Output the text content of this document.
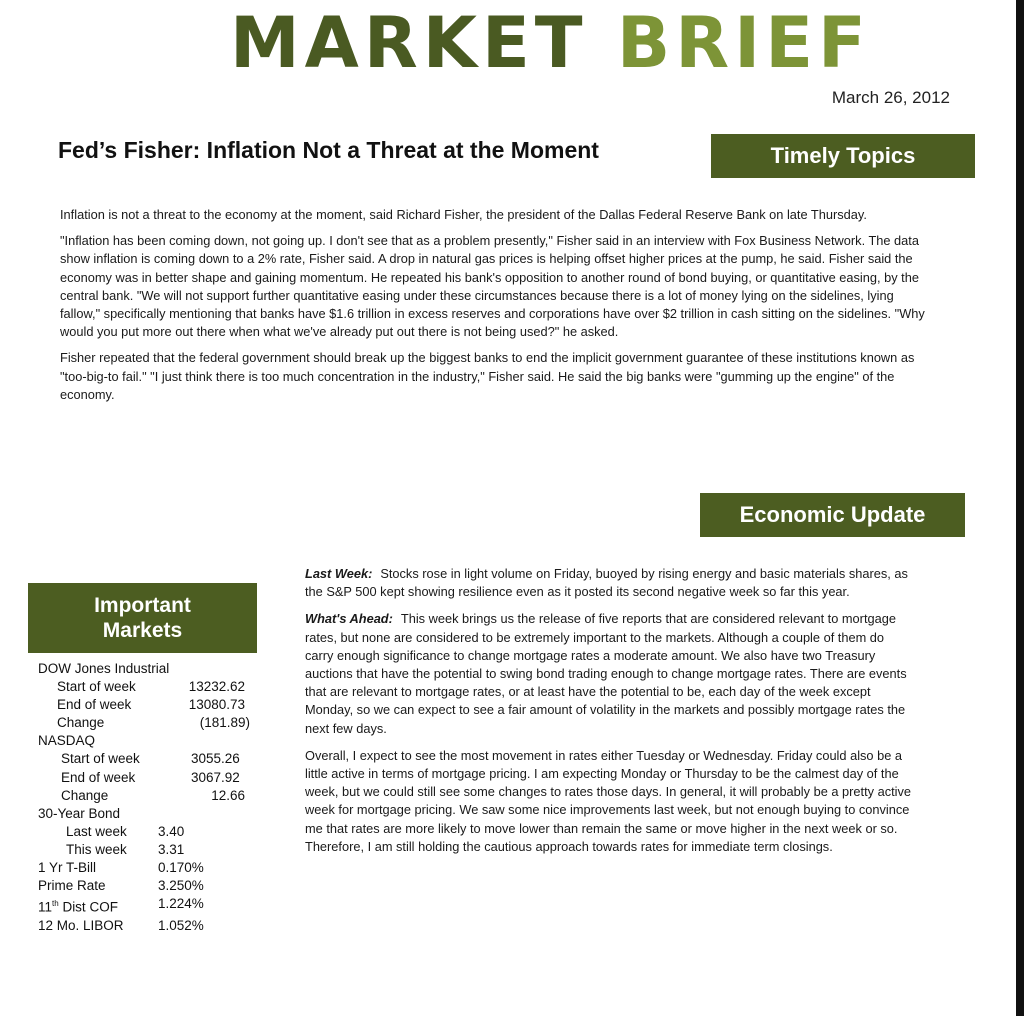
MARKET BRIEF
March 26, 2012
Fed’s Fisher: Inflation Not a Threat at the Moment	Timely Topics

Inflation is not a threat to the economy at the moment, said Richard Fisher, the president of the Dallas Federal Reserve Bank on late Thursday.

"Inflation has been coming down, not going up. I don't see that as a problem presently," Fisher said in an interview with Fox Business Network. The data show inflation is coming down to a 2% rate, Fisher said. A drop in natural gas prices is helping offset higher prices at the pump, he said. Fisher said the economy was in better shape and gaining momentum. He repeated his bank's opposition to another round of bond buying, or quantitative easing, by the central bank. "We will not support further quantitative easing under these circumstances because there is a lot of money lying on the sidelines, lying fallow," specifically mentioning that banks have $1.6 trillion in excess reserves and corporations have over $2 trillion in cash sitting on the sidelines. "Why would you put more out there when what we've already put out there is not being used?" he asked.

Fisher repeated that the federal government should break up the biggest banks to end the implicit government guarantee of these institutions known as "too-big-to fail." "I just think there is too much concentration in the industry," Fisher said. He said the big banks were "gumming up the engine" of the economy.

Economic Update
Important
Markets

Last Week: Stocks rose in light volume on Friday, buoyed by rising energy and basic materials shares, as the S&P 500 kept showing resilience even as it posted its second negative week so far this year.

What's Ahead: This week brings us the release of five reports that are considered relevant to mortgage rates, but none are considered to be extremely important to the markets. Although a couple of them do carry enough significance to change mortgage rates a moderate amount. We also have two Treasury auctions that have the potential to swing bond trading enough to change mortgage rates. There are events that are relevant to mortgage rates, or at least have the potential to be, each day of the week except Monday, so we can expect to see a fair amount of volatility in the markets and possibly mortgage rates the next few days.

Overall, I expect to see the most movement in rates either Tuesday or Wednesday. Friday could also be a little active in terms of mortgage pricing. I am expecting Monday or Thursday to be the calmest day of the week, but we could still see some changes to rates those days. In general, it will probably be a pretty active week for mortgage pricing. We saw some nice improvements last week, but not enough buying to convince me that rates are more likely to move lower than remain the same or move higher in the next week or so. Therefore, I am still holding the cautious approach towards rates for immediate term closings.

DOW Jones Industrial
Start of week	13232.62
End of week	13080.73
Change	(181.89)
NASDAQ
Start of week	3055.26
End of week	3067.92
Change	12.66
30-Year Bond
Last week	3.40
This week	3.31
1 Yr T-Bill	0.170%
Prime Rate	3.250%
11th Dist COF	1.224%
12 Mo. LIBOR	1.052%
